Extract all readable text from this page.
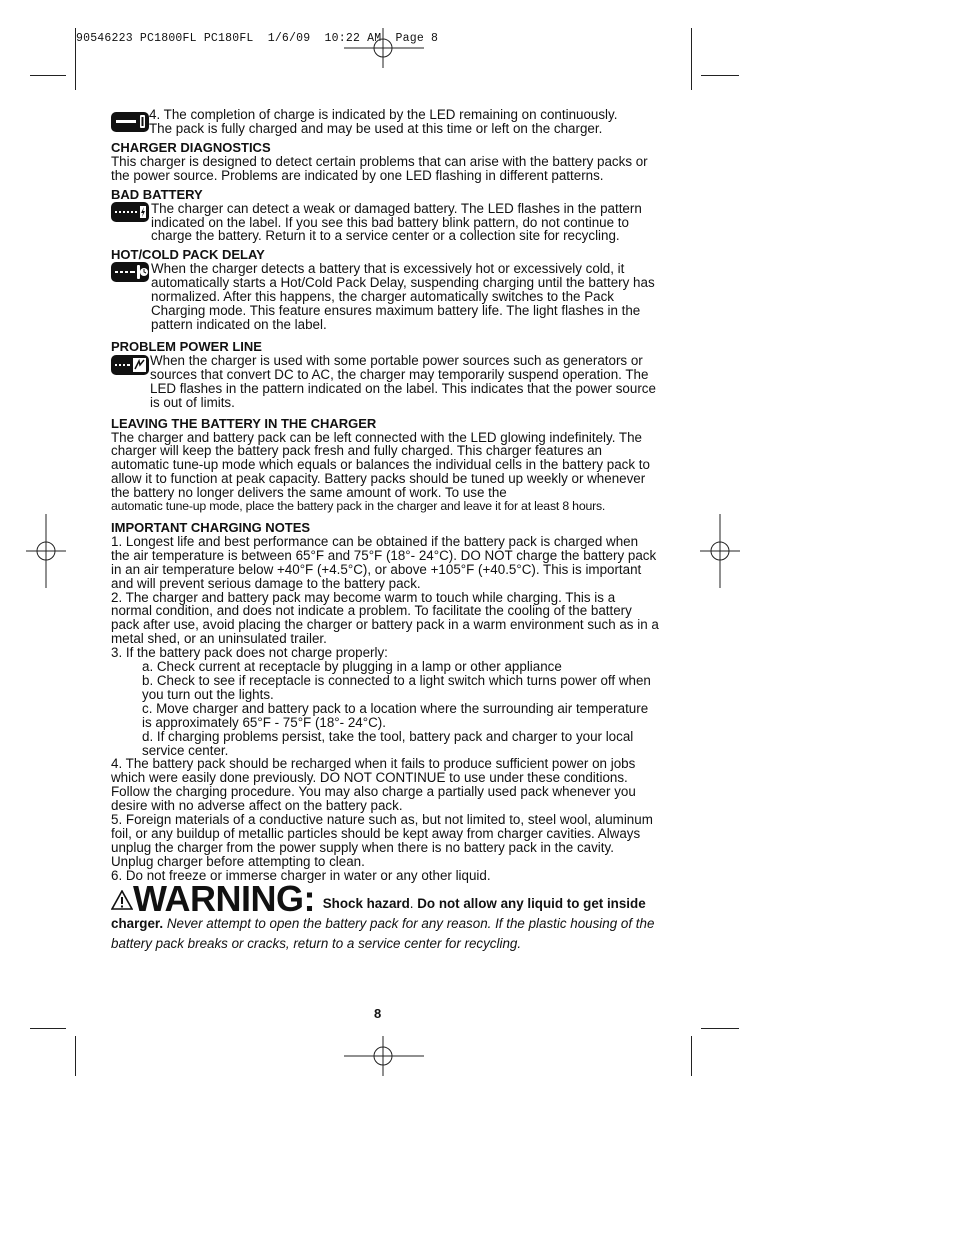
90546223 PC1800FL PC180FL  1/6/09  10:22 AM  Page 8

4. The completion of charge is indicated by the LED remaining on continuously.

The pack is fully charged and may be used at this time or left on the charger.

CHARGER DIAGNOSTICS

This charger is designed to detect certain problems that can arise with the battery packs or the power source. Problems are indicated by one LED flashing in different patterns.

BAD BATTERY

The charger can detect a weak or damaged battery. The LED flashes in the pattern indicated on the label. If you see this bad battery blink pattern, do not continue to charge the battery. Return it to a service center or a collection site for recycling.

HOT/COLD PACK DELAY

When the charger detects a battery that is excessively hot or excessively cold, it automatically starts a Hot/Cold Pack Delay, suspending charging until the battery has normalized. After this happens, the charger automatically switches to the Pack Charging mode. This feature ensures maximum battery life. The light flashes in the pattern indicated on the label.

PROBLEM POWER LINE

When the charger is used with some portable power sources such as generators or sources that convert DC to AC, the charger may temporarily suspend operation. The LED flashes in the pattern indicated on the label. This indicates that the power source is out of limits.

LEAVING THE BATTERY IN THE CHARGER

The charger and battery pack can be left connected with the LED glowing indefinitely. The charger will keep the battery pack fresh and fully charged. This charger features an automatic tune-up mode which equals or balances the individual cells in the battery pack to allow it to function at peak capacity. Battery packs should be tuned up weekly or whenever the battery no longer delivers the same amount of work. To use the

automatic tune-up mode, place the battery pack in the charger and leave it for at least 8 hours.

IMPORTANT CHARGING NOTES

1. Longest life and best performance can be obtained if the battery pack is charged when the air temperature is between 65°F and 75°F (18°- 24°C). DO NOT charge the battery pack in an air temperature below +40°F (+4.5°C), or above +105°F (+40.5°C). This is important and will prevent serious damage to the battery pack.

2. The charger and battery pack may become warm to touch while charging. This is a normal condition, and does not indicate a problem. To facilitate the cooling of the battery pack after use, avoid placing the charger or battery pack in a warm environment such as in a metal shed, or an uninsulated trailer.

3. If the battery pack does not charge properly:

a. Check current at receptacle by plugging in a lamp or other appliance

b. Check to see if receptacle is connected to a light switch which turns power off when you turn out the lights.

c. Move charger and battery pack to a location where the surrounding air temperature is approximately 65°F - 75°F (18°- 24°C).

d. If charging problems persist, take the tool, battery pack and charger to your local service center.

4. The battery pack should be recharged when it fails to produce sufficient power on jobs which were easily done previously. DO NOT CONTINUE to use under these conditions. Follow the charging procedure. You may also charge a partially used pack whenever you desire with no adverse affect on the battery pack.

5. Foreign materials of a conductive nature such as, but not limited to, steel wool, aluminum foil, or any buildup of metallic particles should be kept away from charger cavities. Always unplug the charger from the power supply when there is no battery pack in the cavity. Unplug charger before attempting to clean.

6. Do not freeze or immerse charger in water or any other liquid.

WARNING: Shock hazard. Do not allow any liquid to get inside charger. Never attempt to open the battery pack for any reason. If the plastic housing of the battery pack breaks or cracks, return to a service center for recycling.

8
